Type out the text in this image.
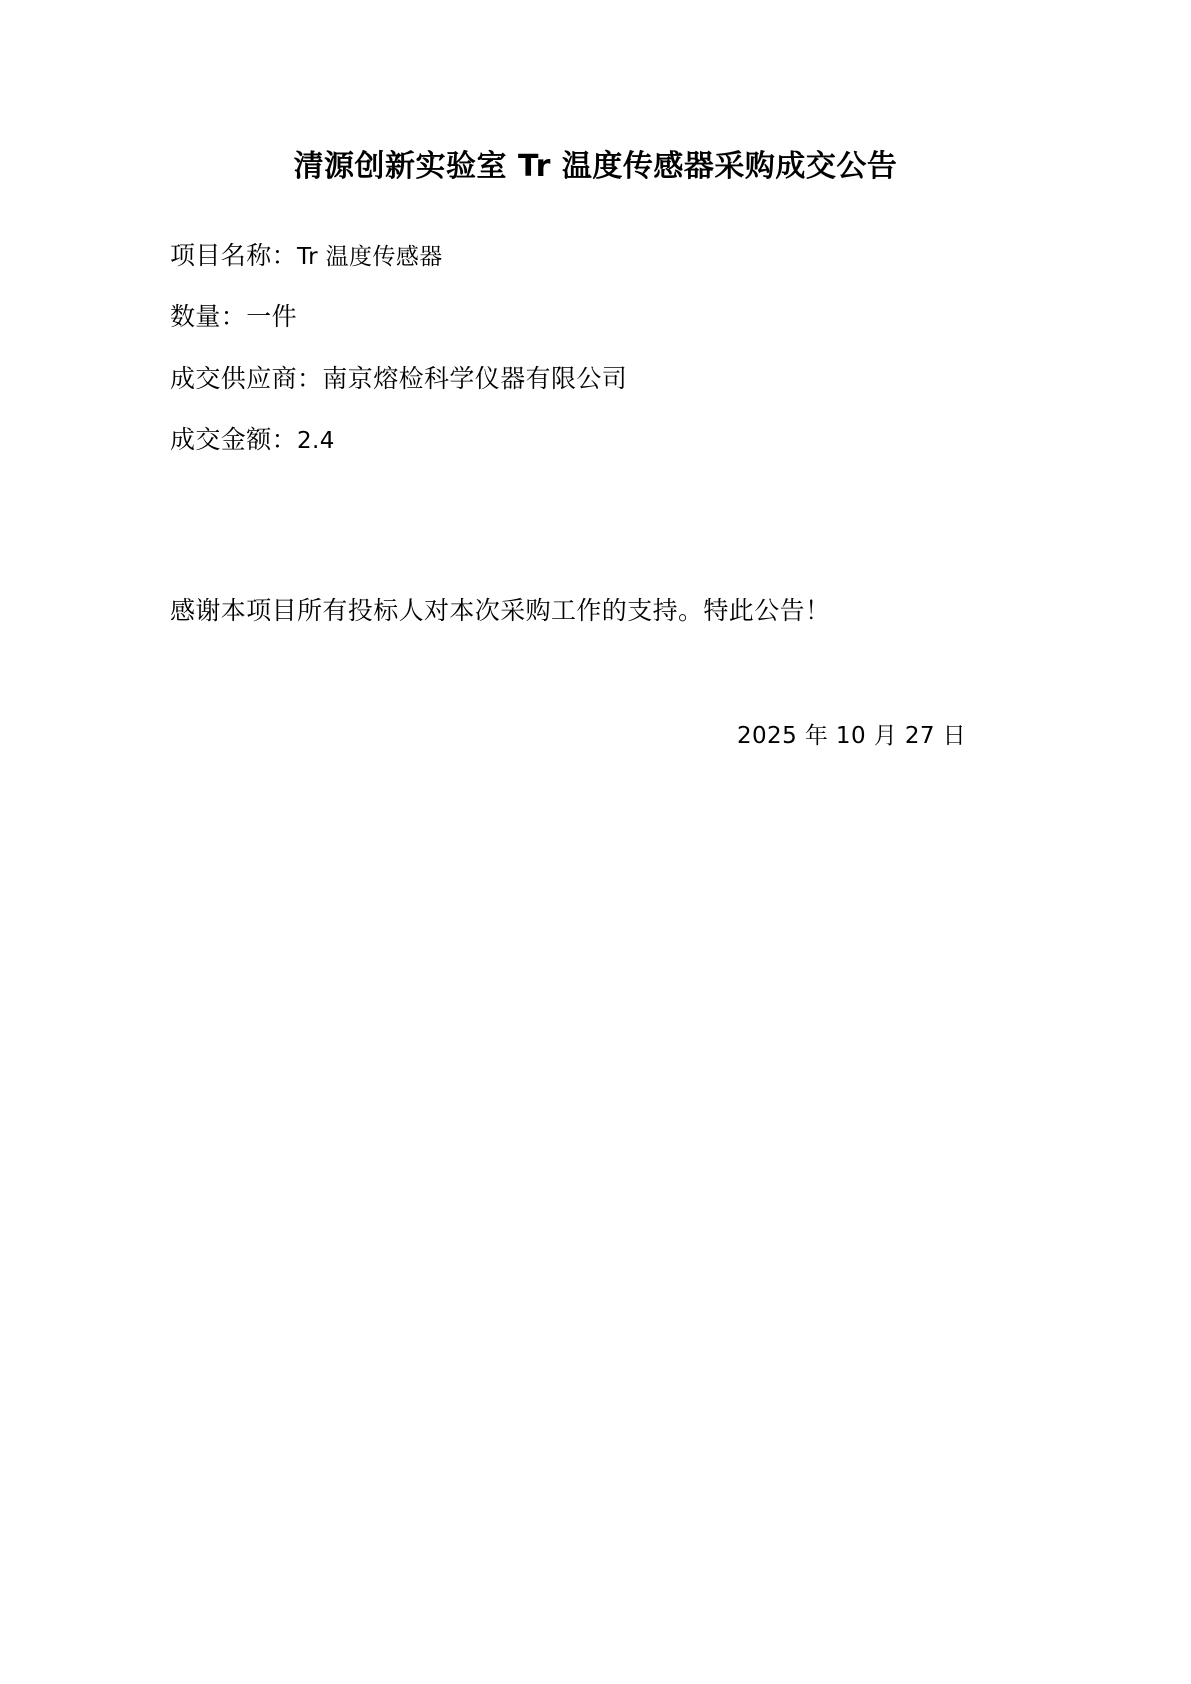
清源创新实验室 Tr 温度传感器采购成交公告

项目名称：Tr 温度传感器

数量：一件

成交供应商：南京熔检科学仪器有限公司

成交金额：2.4

感谢本项目所有投标人对本次采购工作的支持。特此公告！

2025 年 10 月 27 日
